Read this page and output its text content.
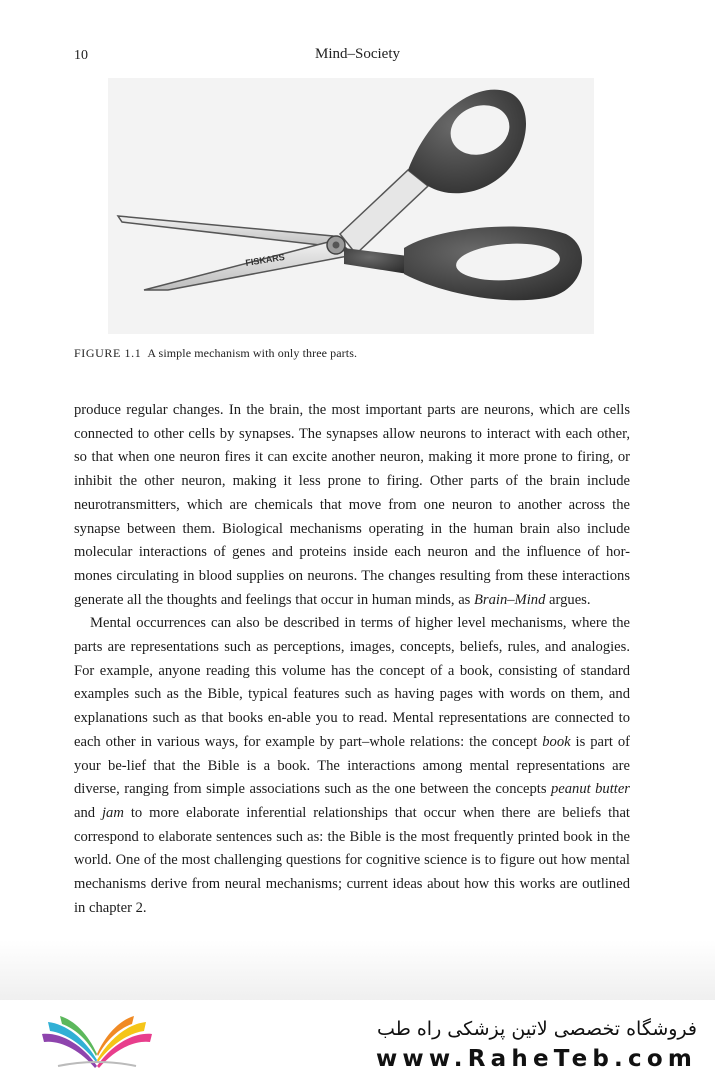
10	Mind–Society
FISKARS
FIGURE 1.1 A simple mechanism with only three parts.

produce regular changes. In the brain, the most important parts are neurons, which are cells connected to other cells by synapses. The synapses allow neurons to interact with each other, so that when one neuron fires it can excite another neuron, making it more prone to firing, or inhibit the other neuron, making it less prone to firing. Other parts of the brain include neurotransmitters, which are chemicals that move from one neuron to another across the synapse between them. Biological mechanisms operating in the human brain also include molecular interactions of genes and proteins inside each neuron and the influence of hor-mones circulating in blood supplies on neurons. The changes resulting from these interactions generate all the thoughts and feelings that occur in human minds, as Brain–Mind argues.

Mental occurrences can also be described in terms of higher level mechanisms, where the parts are representations such as perceptions, images, concepts, beliefs, rules, and analogies. For example, anyone reading this volume has the concept of a book, consisting of standard examples such as the Bible, typical features such as having pages with words on them, and explanations such as that books en-able you to read. Mental representations are connected to each other in various ways, for example by part–whole relations: the concept book is part of your be-lief that the Bible is a book. The interactions among mental representations are diverse, ranging from simple associations such as the one between the concepts peanut butter and jam to more elaborate inferential relationships that occur when there are beliefs that correspond to elaborate sentences such as: the Bible is the most frequently printed book in the world. One of the most challenging questions for cognitive science is to figure out how mental mechanisms derive from neural mechanisms; current ideas about how this works are outlined in chapter 2.

فروشگاه تخصصی لاتین پزشکی راه طب
www.RaheTeb.com
